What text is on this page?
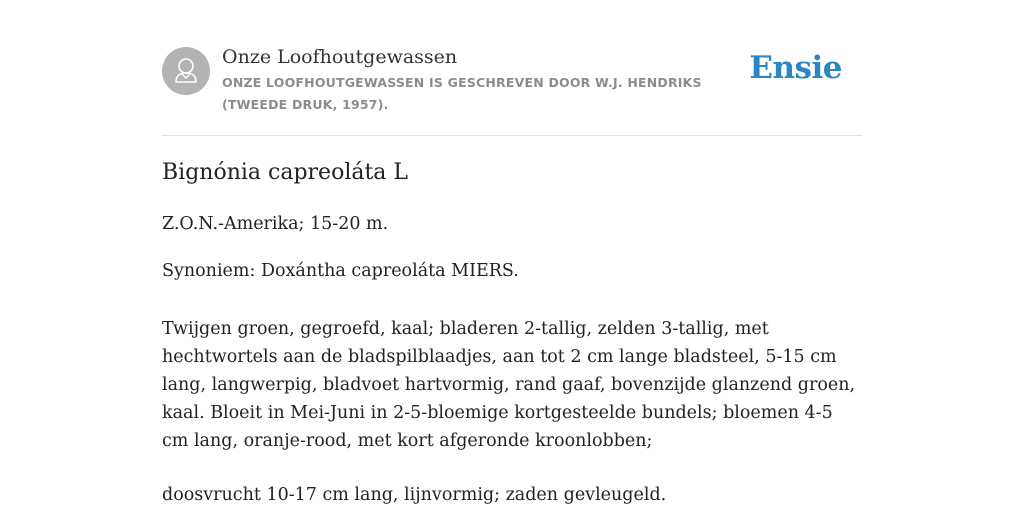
Onze Loofhoutgewassen
ONZE LOOFHOUTGEWASSEN IS GESCHREVEN DOOR W.J. HENDRIKS (TWEEDE DRUK, 1957).
Ensie
Bignónia capreoláta L
Z.O.N.-Amerika; 15-20 m.
Synoniem: Doxántha capreoláta MIERS.
Twijgen groen, gegroefd, kaal; bladeren 2-tallig, zelden 3-tallig, met hechtwortels aan de bladspilblaadjes, aan tot 2 cm lange bladsteel, 5-15 cm lang, langwerpig, bladvoet hartvormig, rand gaaf, bovenzijde glanzend groen, kaal. Bloeit in Mei-Juni in 2-5-bloemige kortgesteelde bundels; bloemen 4-5 cm lang, oranje-rood, met kort afgeronde kroonlobben;
doosvrucht 10-17 cm lang, lijnvormig; zaden gevleugeld.
